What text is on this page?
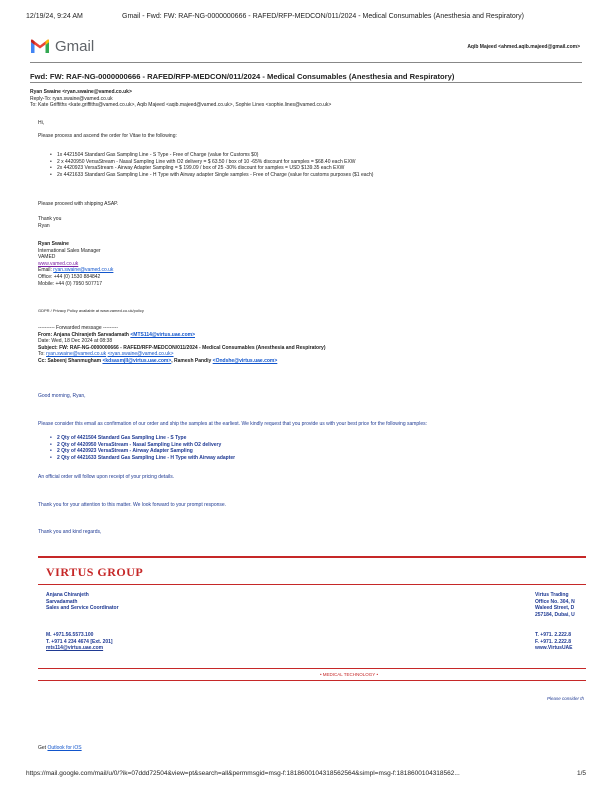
12/19/24, 9:24 AM	Gmail - Fwd: FW: RAF-NG-0000000666 - RAFED/RFP-MEDCON/011/2024 - Medical Consumables (Anesthesia and Respiratory)
Gmail	Aqib Majeed <ahmed.aqib.majeed@gmail.com>
Fwd: FW: RAF-NG-0000000666 - RAFED/RFP-MEDCON/011/2024 - Medical Consumables (Anesthesia and Respiratory)
Ryan Swaine <ryan.swaine@vamed.co.uk>
Reply-To: ryan.swaine@vamed.co.uk
To: Kate Griffiths <kate.griffiths@vamed.co.uk>, Aqib Majeed <aqib.majeed@vamed.co.uk>, Sophie Lines <sophie.lines@vamed.co.uk>
Hi,
Please process and ascend the order for Vitae to the following:
• 1x 4421504 Standard Gas Sampling Line - S Type - Free of Charge (value for Customs $0)
• 2 x 4420950 VersaStream - Nasal Sampling Line with O2 delivery = $ 63.50 / box of 10 -65% discount for samples = $68.40 each EXW
• 2x 4420923 VersaStream - Airway Adapter Sampling = $ 199.09 / box of 25 -30% discount for samples = USD $139.35 each EXW
• 2x 4421633 Standard Gas Sampling Line - H Type with Airway adapter Single samples - Free of Charge (value for customs purposes ($1 each)
Please proceed with shipping ASAP.
Thank you
Ryan
Ryan Swaine
International Sales Manager
VAMED
www.vamed.co.uk
Email: ryan.swaine@vamed.co.uk
Office: +44 (0) 1530 884842
Mobile: +44 (0) 7950 507717
GDPR / Privacy Policy available at www.vamed.co.uk/policy
---------- Forwarded message ---------
From: Anjana Chiranjeth Sarvadamath <MTS114@virtus.uae.com>
Date: Wed, 18 Dec 2024 at 08:38
Subject: FW: RAF-NG-0000000666 - RAFED/RFP-MEDCON/011/2024 - Medical Consumables (Anesthesia and Respiratory)
To: ryan.swaine@vamed.co.uk <ryan.swaine@vamed.co.uk>
Cc: Sabeenj Shanmugham <kdsasmjll@virtus.uae.com>, Ramesh Pandiy <Ondshe@virtus.uae.com>
Good morning, Ryan,
Please consider this email as confirmation of our order and ship the samples at the earliest. We kindly request that you provide us with your best price for the following samples:
• 2 Qty of 4421504 Standard Gas Sampling Line - S Type
• 2 Qty of 4420950 VersaStream - Nasal Sampling Line with O2 delivery
• 2 Qty of 4420923 VersaStream - Airway Adapter Sampling
• 2 Qty of 4421633 Standard Gas Sampling Line - H Type with Airway adapter
An official order will follow upon receipt of your pricing details.
Thank you for your attention to this matter. We look forward to your prompt response.
Thank you and kind regards,
VIRTUS GROUP
Anjana Chiranjeth
Sarvadamath
Sales and Service Coordinator
Virtus Trading
Office No. 304, N
Waleed Street, D
257184, Dubai, U
M. +971.56.5573.100
T. +971 4 234 4674 [Ext. 201]
mts114@virtus.uae.com
T. +971. 2.222.8
F. +971. 2.222.8
www.VirtusUAE
• MEDICAL TECHNOLOGY •
Please consider th
Get Outlook for iOS
https://mail.google.com/mail/u/0/?ik=07ddd72504&view=pt&search=all&permmsgid=msg-f:1818600104318562564&simpl=msg-f:1818600104318562...	1/5
